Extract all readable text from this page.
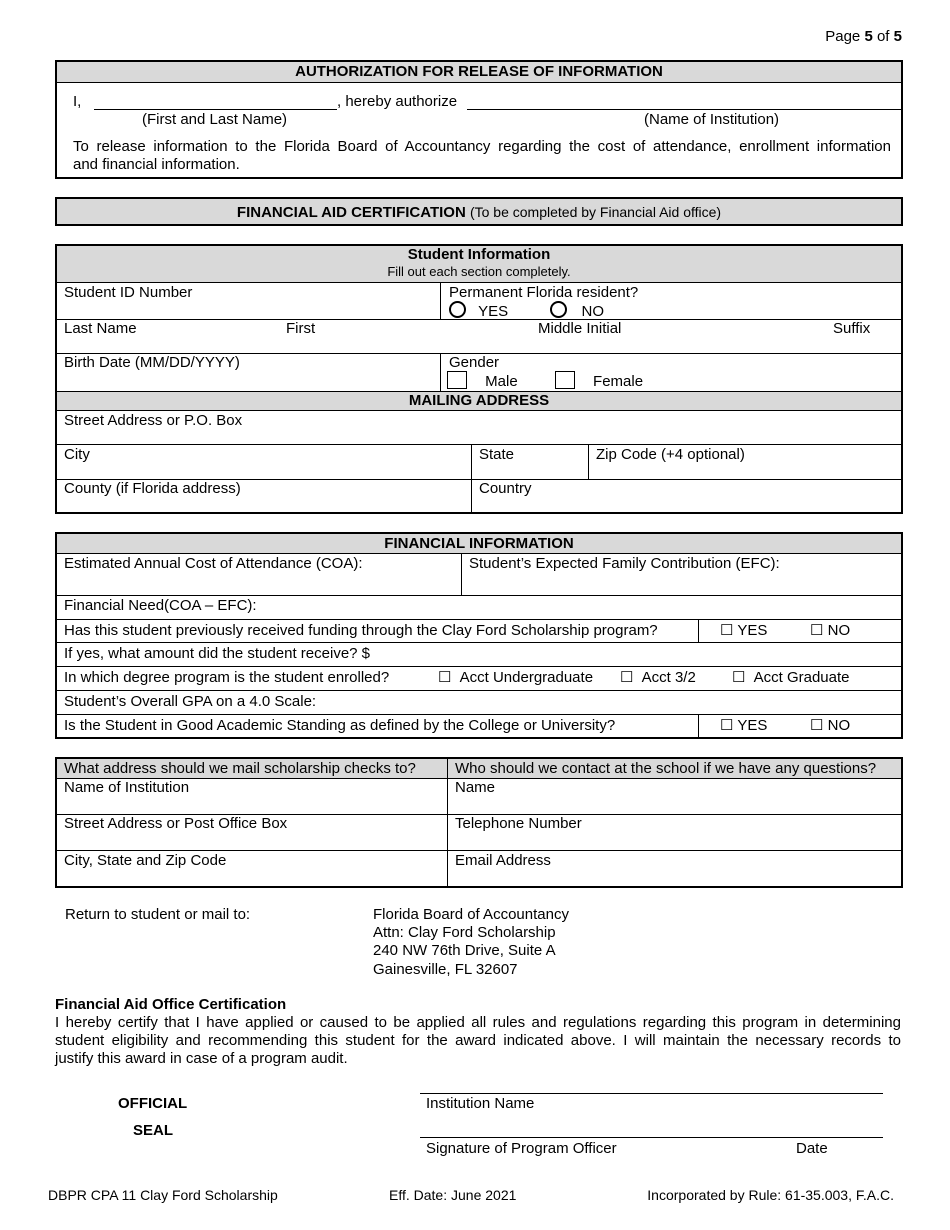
Page 5 of 5
AUTHORIZATION FOR RELEASE OF INFORMATION
I,	, hereby authorize
(First and Last Name)	(Name of Institution)
To release information to the Florida Board of Accountancy regarding the cost of attendance, enrollment information
and financial information.
FINANCIAL AID CERTIFICATION (To be completed by Financial Aid office)
Student Information
Fill out each section completely.
Student ID Number	Permanent Florida resident?
YES	NO
Last Name	First	Middle Initial	Suffix
Birth Date (MM/DD/YYYY)	Gender
Male	Female
MAILING ADDRESS
Street Address or P.O. Box
City	State	Zip Code (+4 optional)
County (if Florida address)	Country
FINANCIAL INFORMATION
Estimated Annual Cost of Attendance (COA):	Student’s Expected Family Contribution (EFC):
Financial Need(COA – EFC):
Has this student previously received funding through the Clay Ford Scholarship program?	☐ YES	☐ NO
If yes, what amount did the student receive? $
In which degree program is the student enrolled?	☐ Acct Undergraduate ☐ Acct 3/2 ☐ Acct Graduate
Student’s Overall GPA on a 4.0 Scale:
Is the Student in Good Academic Standing as defined by the College or University?	☐ YES	☐ NO
What address should we mail scholarship checks to?	Who should we contact at the school if we have any questions?
Name of Institution	Name
Street Address or Post Office Box	Telephone Number
City, State and Zip Code	Email Address
Return to student or mail to:	Florida Board of Accountancy
Attn: Clay Ford Scholarship
240 NW 76th Drive, Suite A
Gainesville, FL 32607
Financial Aid Office Certification
I hereby certify that I have applied or caused to be applied all rules and regulations regarding this program in determining
student eligibility and recommending this student for the award indicated above. I will maintain the necessary records to
justify this award in case of a program audit.
OFFICIAL
SEAL
Institution Name
Signature of Program Officer	Date
DBPR CPA 11 Clay Ford Scholarship	Eff. Date: June 2021	Incorporated by Rule: 61-35.003, F.A.C.
